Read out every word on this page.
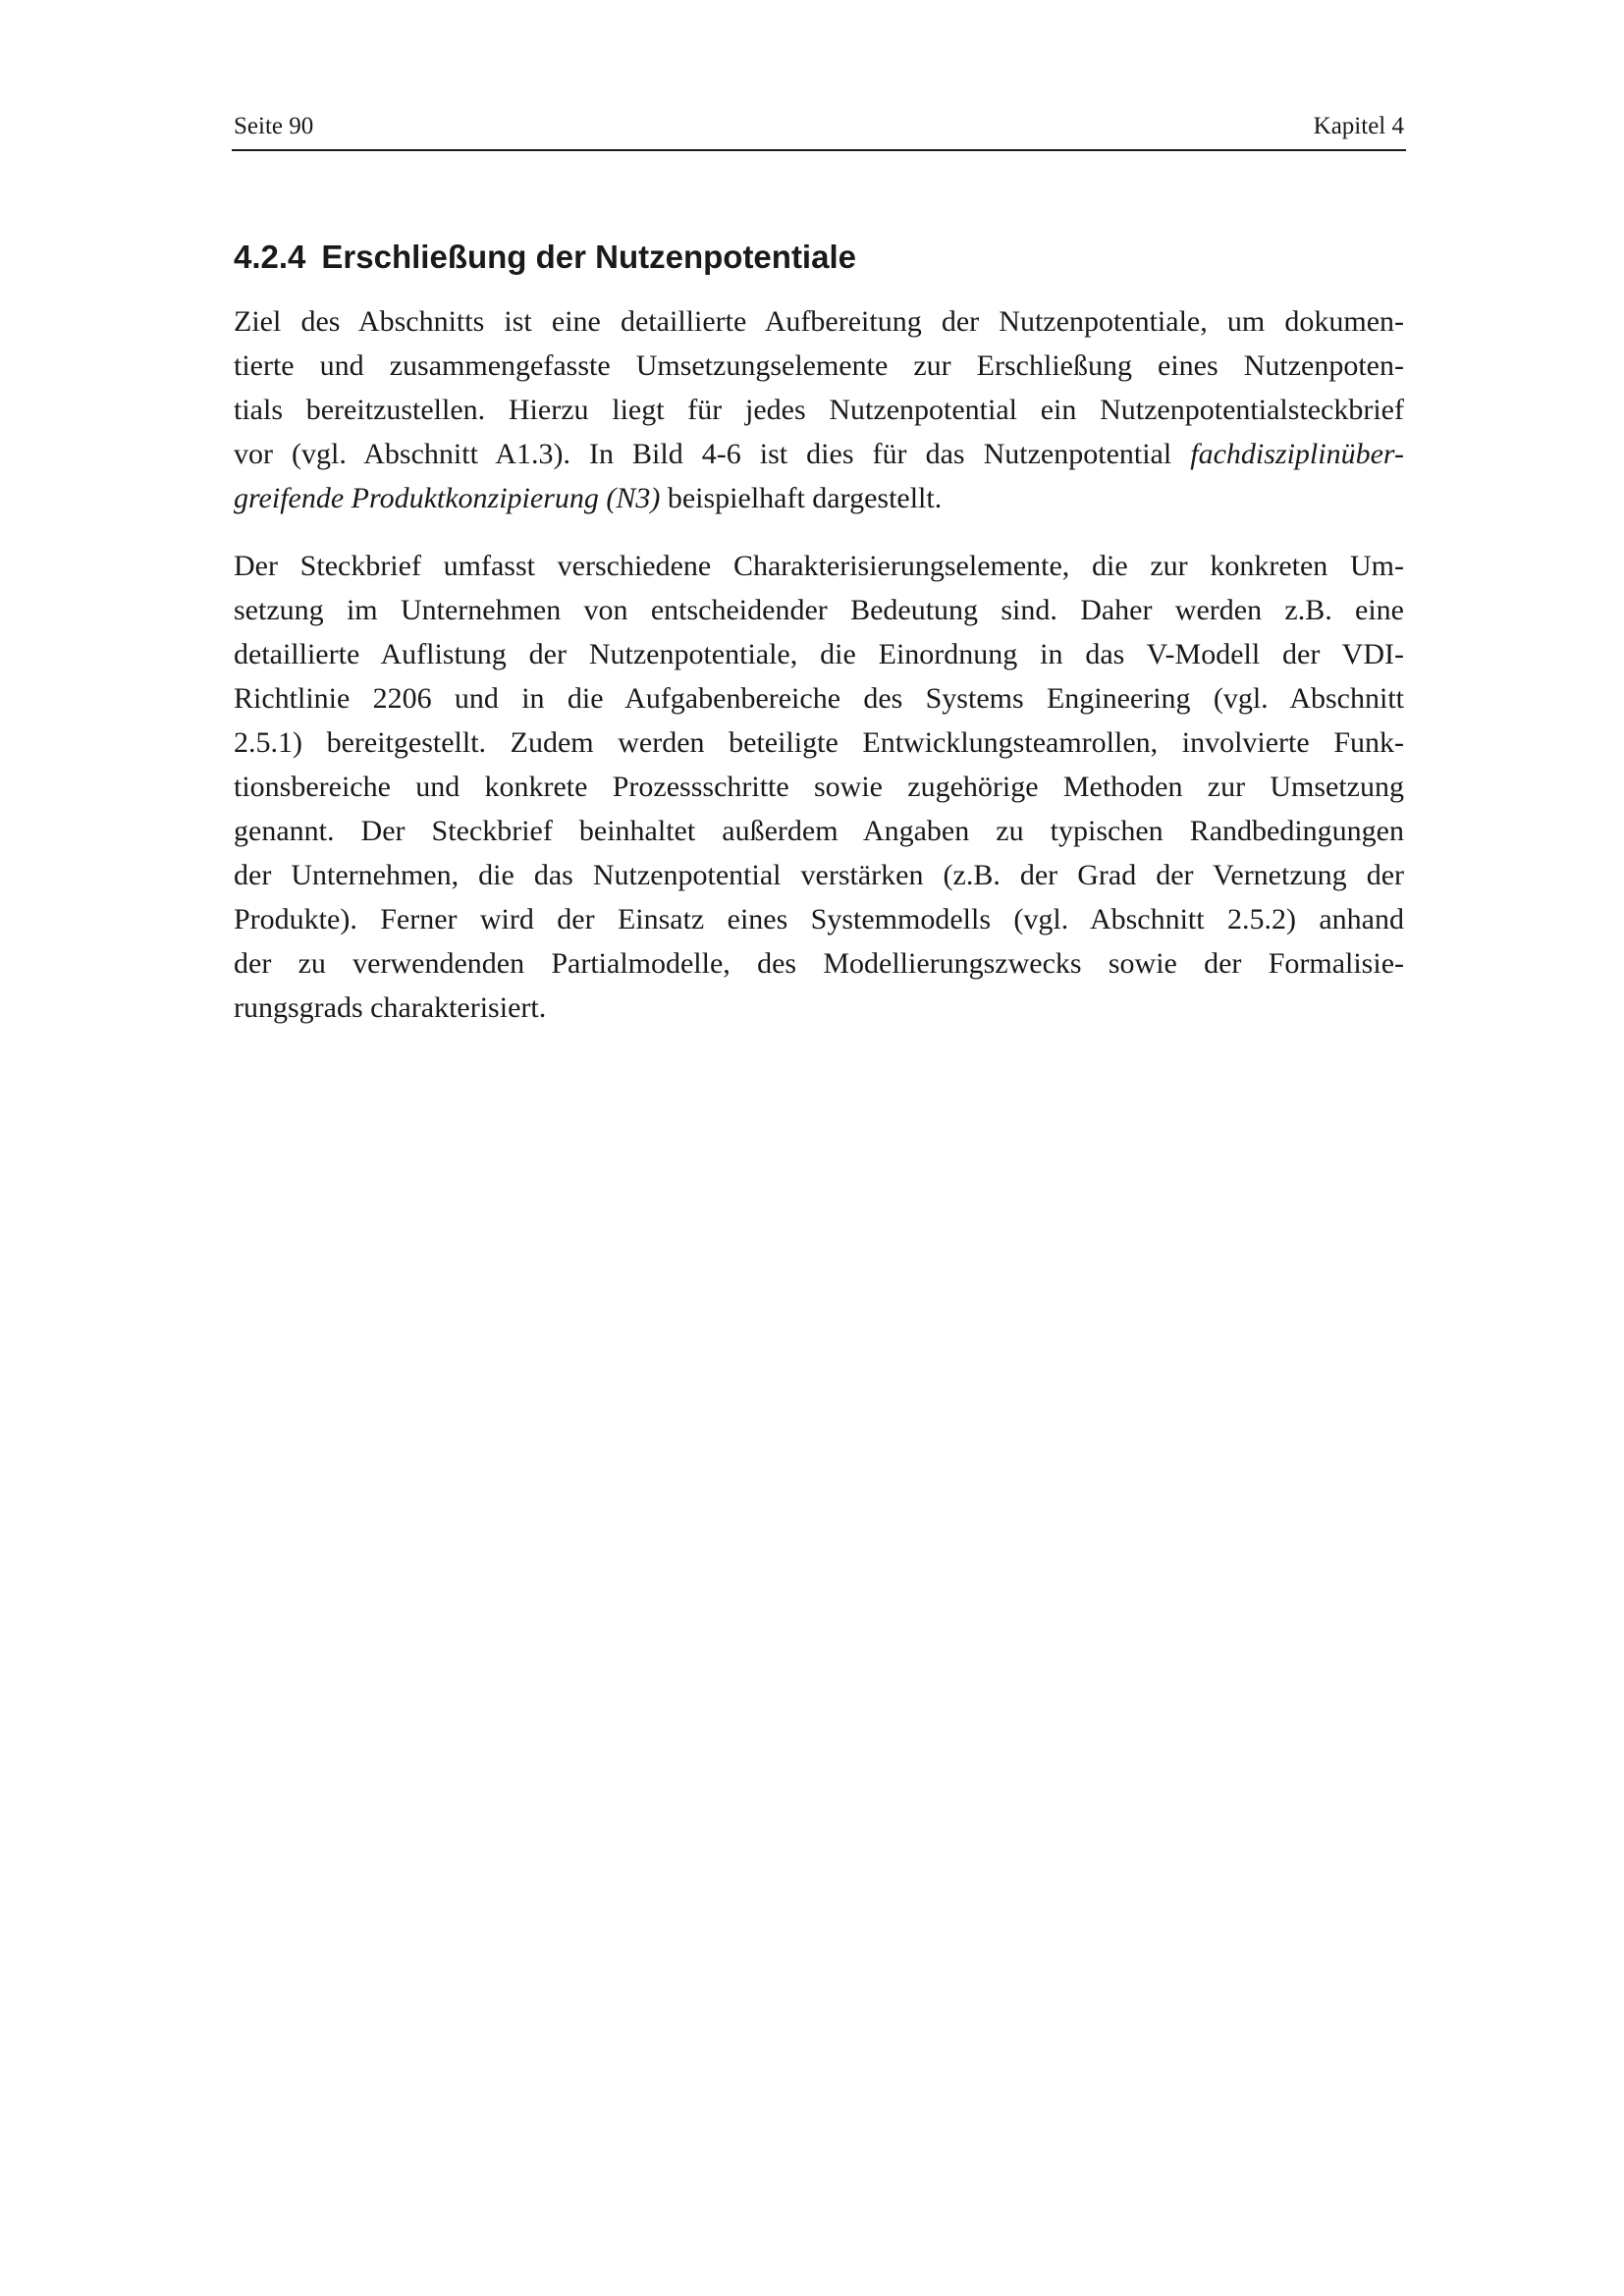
Seite 90	Kapitel 4
4.2.4 Erschließung der Nutzenpotentiale

Ziel des Abschnitts ist eine detaillierte Aufbereitung der Nutzenpotentiale, um dokumen-
tierte und zusammengefasste Umsetzungselemente zur Erschließung eines Nutzenpoten-
tials bereitzustellen. Hierzu liegt für jedes Nutzenpotential ein Nutzenpotentialsteckbrief
vor (vgl. Abschnitt A1.3). In Bild 4-6 ist dies für das Nutzenpotential fachdisziplinüber-
greifende Produktkonzipierung (N3) beispielhaft dargestellt.

Der Steckbrief umfasst verschiedene Charakterisierungselemente, die zur konkreten Um-
setzung im Unternehmen von entscheidender Bedeutung sind. Daher werden z.B. eine
detaillierte Auflistung der Nutzenpotentiale, die Einordnung in das V-Modell der VDI-
Richtlinie 2206 und in die Aufgabenbereiche des Systems Engineering (vgl. Abschnitt
2.5.1) bereitgestellt. Zudem werden beteiligte Entwicklungsteamrollen, involvierte Funk-
tionsbereiche und konkrete Prozessschritte sowie zugehörige Methoden zur Umsetzung
genannt. Der Steckbrief beinhaltet außerdem Angaben zu typischen Randbedingungen
der Unternehmen, die das Nutzenpotential verstärken (z.B. der Grad der Vernetzung der
Produkte). Ferner wird der Einsatz eines Systemmodells (vgl. Abschnitt 2.5.2) anhand
der zu verwendenden Partialmodelle, des Modellierungszwecks sowie der Formalisie-
rungsgrads charakterisiert.
